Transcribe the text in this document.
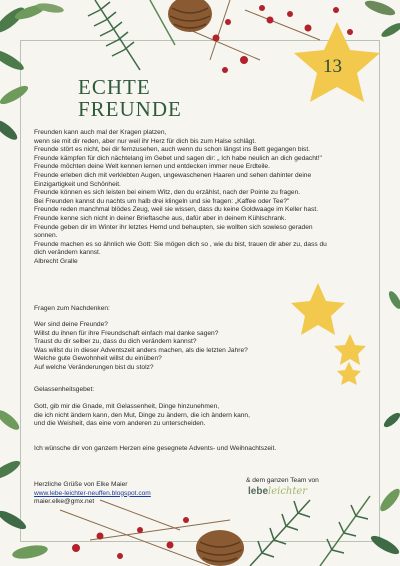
13
ECHTE
FREUNDE
Freunden kann auch mal der Kragen platzen,
wenn sie mit dir reden, aber nur weil ihr Herz für dich bis zum Halse schlägt.
Freunde stört es nicht, bei dir fernzusehen, auch wenn du schon längst ins Bett gegangen bist.
Freunde kämpfen für dich nächtelang im Gebet und sagen dir: „ Ich habe neulich an dich gedacht!"
Freunde möchten deine Welt kennen lernen und entdecken immer neue Erdteile.
Freunde erleben dich mit verklebten Augen, ungewaschenen Haaren und sehen dahinter deine
Einzigartigkeit und Schönheit.
Freunde können es sich leisten bei einem Witz, den du erzählst, nach der Pointe zu fragen.
Bei Freunden kannst du nachts um halb drei klingeln und sie fragen: „Kaffee oder Tee?"
Freunde reden manchmal blödes Zeug, weil sie wissen, dass du keine Goldwaage im Keller hast.
Freunde kenne sich nicht in deiner Brieftasche aus, dafür aber in deinem Kühlschrank.
Freunde geben dir im Winter ihr letztes Hemd und behaupten, sie wollten sich sowieso geraden
sonnen.
Freunde machen es so ähnlich wie Gott: Sie mögen dich so , wie du bist, trauen dir aber zu, dass du
dich verändern kannst.
Albrecht Gralle
Fragen zum Nachdenken:
Wer sind deine Freunde?
Willst du ihnen für ihre Freundschaft einfach mal danke sagen?
Traust du dir selber zu, dass du dich verändern kannst?
Was willst du in dieser Adventszeit anders machen, als die letzten Jahre?
Welche gute Gewohnheit willst du einüben?
Auf welche Veränderungen bist du stolz?
Gelassenheitsgebet:
Gott, gib mir die Gnade, mit Gelassenheit, Dinge hinzunehmen,
die ich nicht ändern kann, den Mut, Dinge zu ändern, die ich ändern kann,
und die Weisheit, das eine vom anderen zu unterscheiden.
Ich wünsche dir von ganzem Herzen eine gesegnete Advents- und Weihnachtszeit.
Herzliche Grüße von Elke Maier
www.lebe-leichter-neuffen.blogspot.com
maier.elke@gmx.net
& dem ganzen Team von
lebeleichter
